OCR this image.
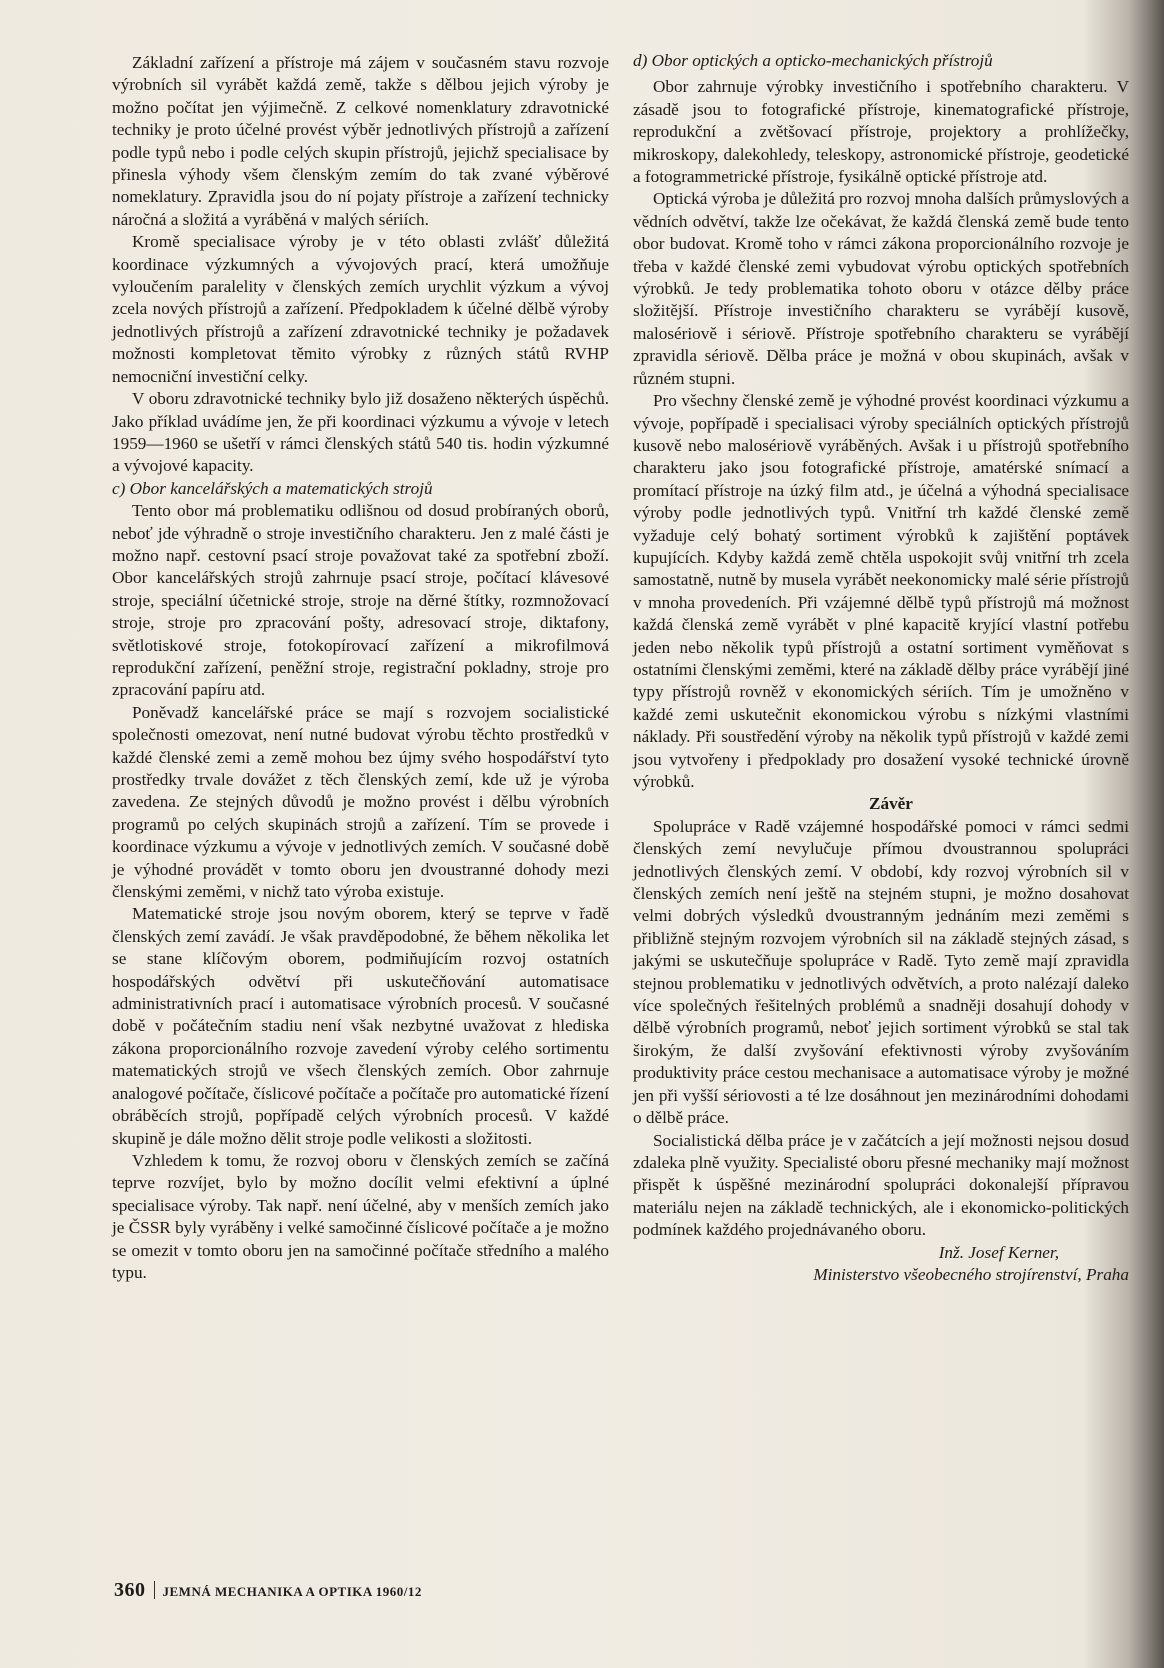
Základní zařízení a přístroje má zájem v současném stavu rozvoje výrobních sil vyrábět každá země, takže s dělbou jejich výroby je možno počítat jen výjimečně. Z celkové nomenklatury zdravotnické techniky je proto účelné provést výběr jednotlivých přístrojů a zařízení podle typů nebo i podle celých skupin přístrojů, jejichž specialisace by přinesla výhody všem členským zemím do tak zvané výběrové nomeklatury. Zpravidla jsou do ní pojaty přístroje a zařízení technicky náročná a složitá a vyráběná v malých sériích.

Kromě specialisace výroby je v této oblasti zvlášť důležitá koordinace výzkumných a vývojových prací, která umožňuje vyloučením paralelity v členských zemích urychlit výzkum a vývoj zcela nových přístrojů a zařízení. Předpokladem k účelné dělbě výroby jednotlivých přístrojů a zařízení zdravotnické techniky je požadavek možnosti kompletovat těmito výrobky z různých států RVHP nemocniční investiční celky.

V oboru zdravotnické techniky bylo již dosaženo některých úspěchů. Jako příklad uvádíme jen, že při koordinaci výzkumu a vývoje v letech 1959—1960 se ušetří v rámci členských států 540 tis. hodin výzkumné a vývojové kapacity.

c) Obor kancelářských a matematických strojů

Tento obor má problematiku odlišnou od dosud probíraných oborů, neboť jde výhradně o stroje investičního charakteru. Jen z malé části je možno např. cestovní psací stroje považovat také za spotřební zboží. Obor kancelářských strojů zahrnuje psací stroje, počítací klávesové stroje, speciální účetnické stroje, stroje na děrné štítky, rozmnožovací stroje, stroje pro zpracování pošty, adresovací stroje, diktafony, světlotiskové stroje, fotokopírovací zařízení a mikrofilmová reprodukční zařízení, peněžní stroje, registrační pokladny, stroje pro zpracování papíru atd.

Poněvadž kancelářské práce se mají s rozvojem socialistické společnosti omezovat, není nutné budovat výrobu těchto prostředků v každé členské zemi a země mohou bez újmy svého hospodářství tyto prostředky trvale dovážet z těch členských zemí, kde už je výroba zavedena. Ze stejných důvodů je možno provést i dělbu výrobních programů po celých skupinách strojů a zařízení. Tím se provede i koordinace výzkumu a vývoje v jednotlivých zemích. V současné době je výhodné provádět v tomto oboru jen dvoustranné dohody mezi členskými zeměmi, v nichž tato výroba existuje.

Matematické stroje jsou novým oborem, který se teprve v řadě členských zemí zavádí. Je však pravděpodobné, že během několika let se stane klíčovým oborem, podmiňujícím rozvoj ostatních hospodářských odvětví při uskutečňování automatisace administrativních prací i automatisace výrobních procesů. V současné době v počátečním stadiu není však nezbytné uvažovat z hlediska zákona proporcionálního rozvoje zavedení výroby celého sortimentu matematických strojů ve všech členských zemích. Obor zahrnuje analogové počítače, číslicové počítače a počítače pro automatické řízení obráběcích strojů, popřípadě celých výrobních procesů. V každé skupině je dále možno dělit stroje podle velikosti a složitosti.

Vzhledem k tomu, že rozvoj oboru v členských zemích se začíná teprve rozvíjet, bylo by možno docílit velmi efektivní a úplné specialisace výroby. Tak např. není účelné, aby v menších zemích jako je ČSSR byly vyráběny i velké samočinné číslicové počítače a je možno se omezit v tomto oboru jen na samočinné počítače středního a malého typu.

d) Obor optických a opticko-mechanických přístrojů

Obor zahrnuje výrobky investičního i spotřebního charakteru. V zásadě jsou to fotografické přístroje, kinematografické přístroje, reprodukční a zvětšovací přístroje, projektory a prohlížečky, mikroskopy, dalekohledy, teleskopy, astronomické přístroje, geodetické a fotogrammetrické přístroje, fysikálně optické přístroje atd.

Optická výroba je důležitá pro rozvoj mnoha dalších průmyslových a vědních odvětví, takže lze očekávat, že každá členská země bude tento obor budovat. Kromě toho v rámci zákona proporcionálního rozvoje je třeba v každé členské zemi vybudovat výrobu optických spotřebních výrobků. Je tedy problematika tohoto oboru v otázce dělby práce složitější. Přístroje investičního charakteru se vyrábějí kusově, malosériově i sériově. Přístroje spotřebního charakteru se vyrábějí zpravidla sériově. Dělba práce je možná v obou skupinách, avšak v různém stupni.

Pro všechny členské země je výhodné provést koordinaci výzkumu a vývoje, popřípadě i specialisaci výroby speciálních optických přístrojů kusově nebo malosériově vyráběných. Avšak i u přístrojů spotřebního charakteru jako jsou fotografické přístroje, amatérské snímací a promítací přístroje na úzký film atd., je účelná a výhodná specialisace výroby podle jednotlivých typů. Vnitřní trh každé členské země vyžaduje celý bohatý sortiment výrobků k zajištění poptávek kupujících. Kdyby každá země chtěla uspokojit svůj vnitřní trh zcela samostatně, nutně by musela vyrábět neekonomicky malé série přístrojů v mnoha provedeních. Při vzájemné dělbě typů přístrojů má možnost každá členská země vyrábět v plné kapacitě kryjící vlastní potřebu jeden nebo několik typů přístrojů a ostatní sortiment vyměňovat s ostatními členskými zeměmi, které na základě dělby práce vyrábějí jiné typy přístrojů rovněž v ekonomických sériích. Tím je umožněno v každé zemi uskutečnit ekonomickou výrobu s nízkými vlastními náklady. Při soustředění výroby na několik typů přístrojů v každé zemi jsou vytvořeny i předpoklady pro dosažení vysoké technické úrovně výrobků.

Závěr

Spolupráce v Radě vzájemné hospodářské pomoci v rámci sedmi členských zemí nevylučuje přímou dvoustrannou spolupráci jednotlivých členských zemí. V období, kdy rozvoj výrobních sil v členských zemích není ještě na stejném stupni, je možno dosahovat velmi dobrých výsledků dvoustranným jednáním mezi zeměmi s přibližně stejným rozvojem výrobních sil na základě stejných zásad, s jakými se uskutečňuje spolupráce v Radě. Tyto země mají zpravidla stejnou problematiku v jednotlivých odvětvích, a proto nalézají daleko více společných řešitelných problémů a snadněji dosahují dohody v dělbě výrobních programů, neboť jejich sortiment výrobků se stal tak širokým, že další zvyšování efektivnosti výroby zvyšováním produktivity práce cestou mechanisace a automatisace výroby je možné jen při vyšší sériovosti a té lze dosáhnout jen mezinárodními dohodami o dělbě práce.

Socialistická dělba práce je v začátcích a její možnosti nejsou dosud zdaleka plně využity. Specialisté oboru přesné mechaniky mají možnost přispět k úspěšné mezinárodní spolupráci dokonalejší přípravou materiálu nejen na základě technických, ale i ekonomicko-politických podmínek každého projednávaného oboru.

Inž. Josef Kerner,

Ministerstvo všeobecného strojírenství, Praha

360 JEMNÁ MECHANIKA A OPTIKA 1960/12
